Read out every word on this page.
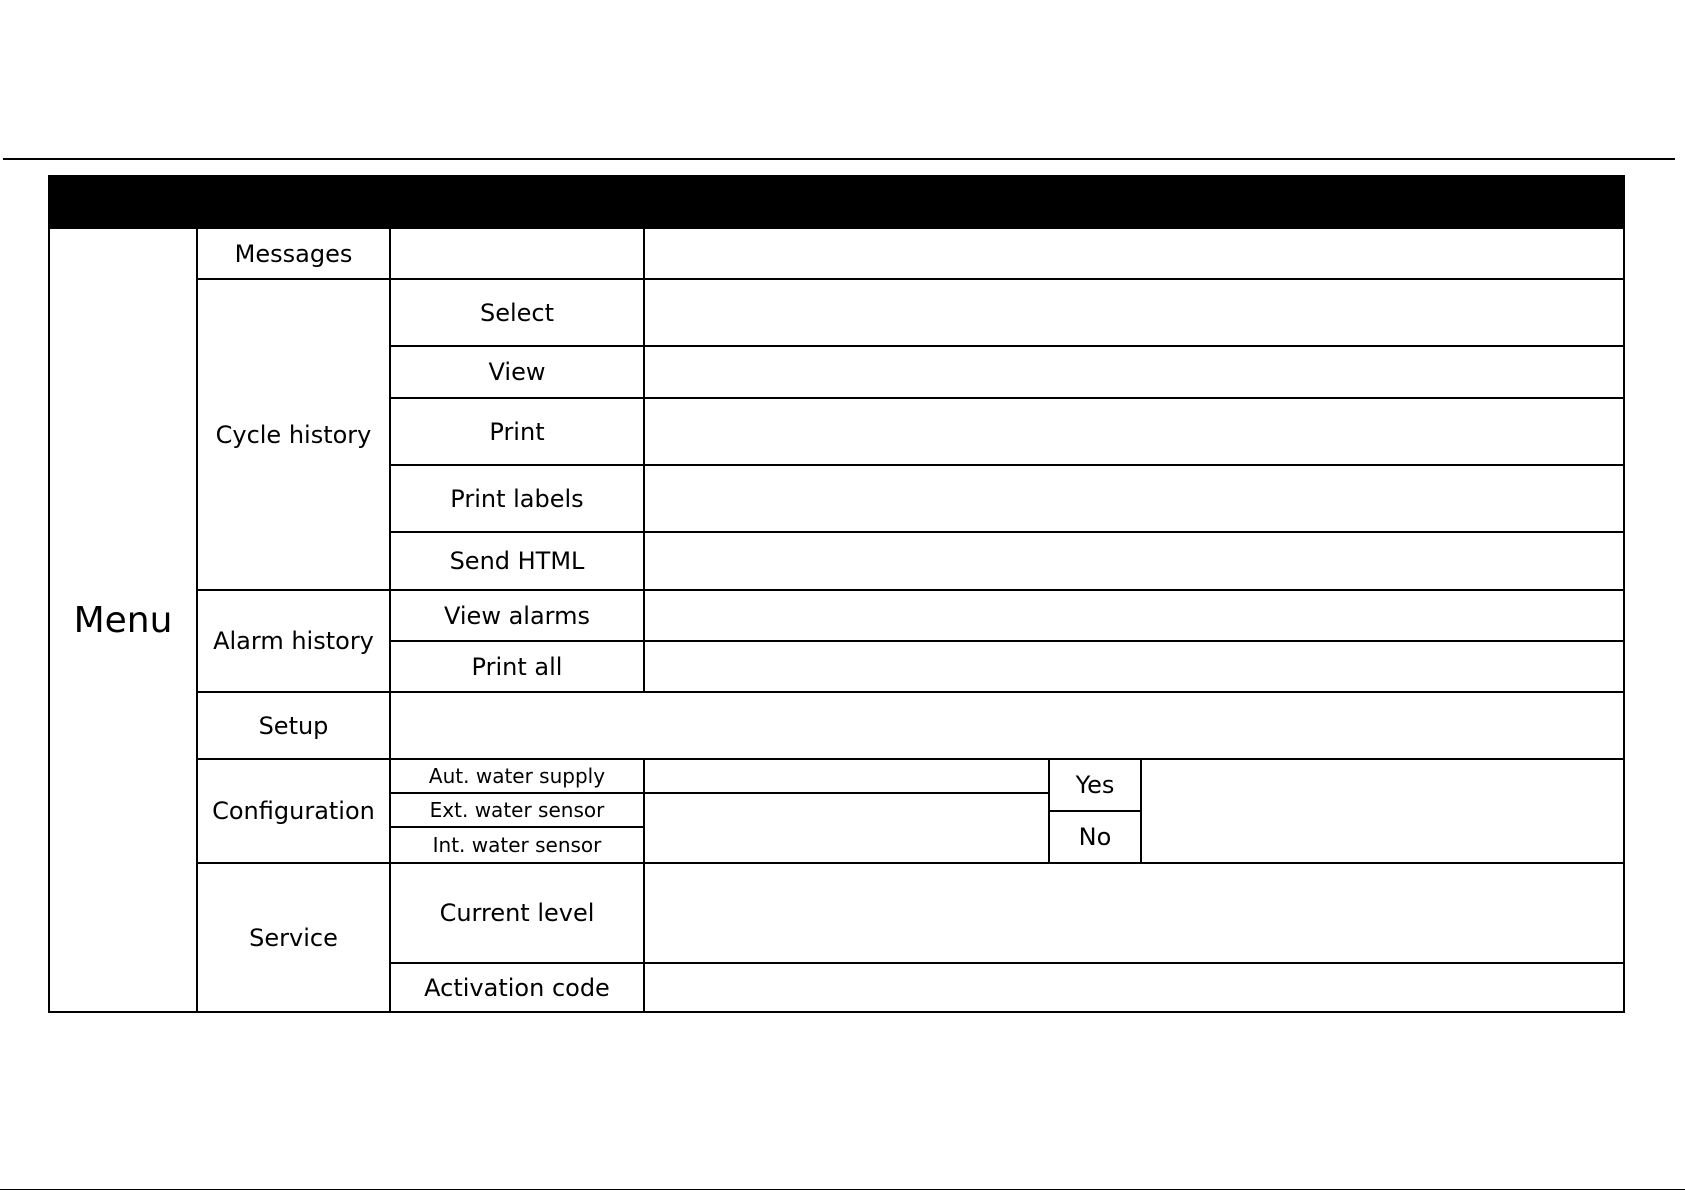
Menu
Messages
Cycle history
Select
View
Print
Print labels
Send HTML
Alarm history
View alarms
Print all
Setup
Configuration
Aut. water supply
Ext. water sensor
Int. water sensor
Yes
No
Service
Current level
Activation code
